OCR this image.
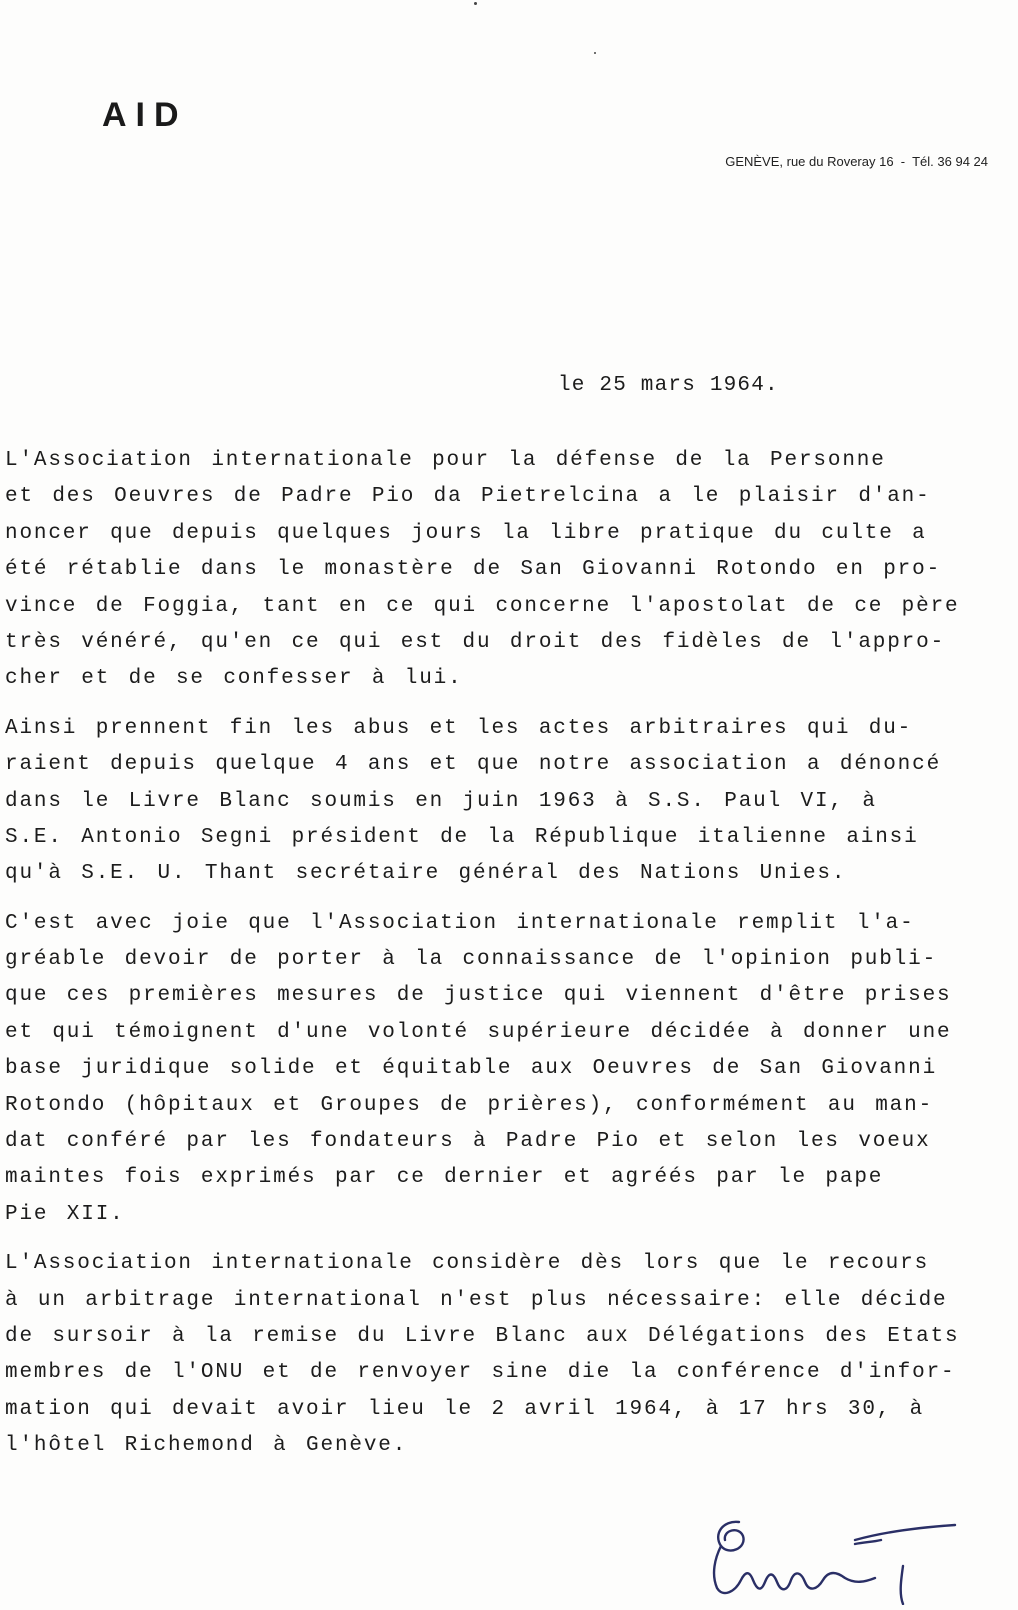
AID
GENÈVE, rue du Roveray 16  -  Tél. 36 94 24
le 25 mars 1964.
L'Association internationale pour la défense de la Personne
et des Oeuvres de Padre Pio da Pietrelcina a le plaisir d'an-
noncer que depuis quelques jours la libre pratique du culte a
été rétablie dans le monastère de San Giovanni Rotondo en pro-
vince de Foggia, tant en ce qui concerne l'apostolat de ce père
très vénéré, qu'en ce qui est du droit des fidèles de l'appro-
cher et de se confesser à lui.
Ainsi prennent fin les abus et les actes arbitraires qui du-
raient depuis quelque 4 ans et que notre association a dénoncé
dans le Livre Blanc soumis en juin 1963 à S.S. Paul VI, à
S.E. Antonio Segni président de la République italienne ainsi
qu'à S.E. U. Thant secrétaire général des Nations Unies.
C'est avec joie que l'Association internationale remplit l'a-
gréable devoir de porter à la connaissance de l'opinion publi-
que ces premières mesures de justice qui viennent d'être prises
et qui témoignent d'une volonté supérieure décidée à donner une
base juridique solide et équitable aux Oeuvres de San Giovanni
Rotondo (hôpitaux et Groupes de prières), conformément au man-
dat conféré par les fondateurs à Padre Pio et selon les voeux
maintes fois exprimés par ce dernier et agréés par le pape
Pie XII.
L'Association internationale considère dès lors que le recours
à un arbitrage international n'est plus nécessaire: elle décide
de sursoir à la remise du Livre Blanc aux Délégations des Etats
membres de l'ONU et de renvoyer sine die la conférence d'infor-
mation qui devait avoir lieu le 2 avril 1964, à 17 hrs 30, à
l'hôtel Richemond à Genève.
